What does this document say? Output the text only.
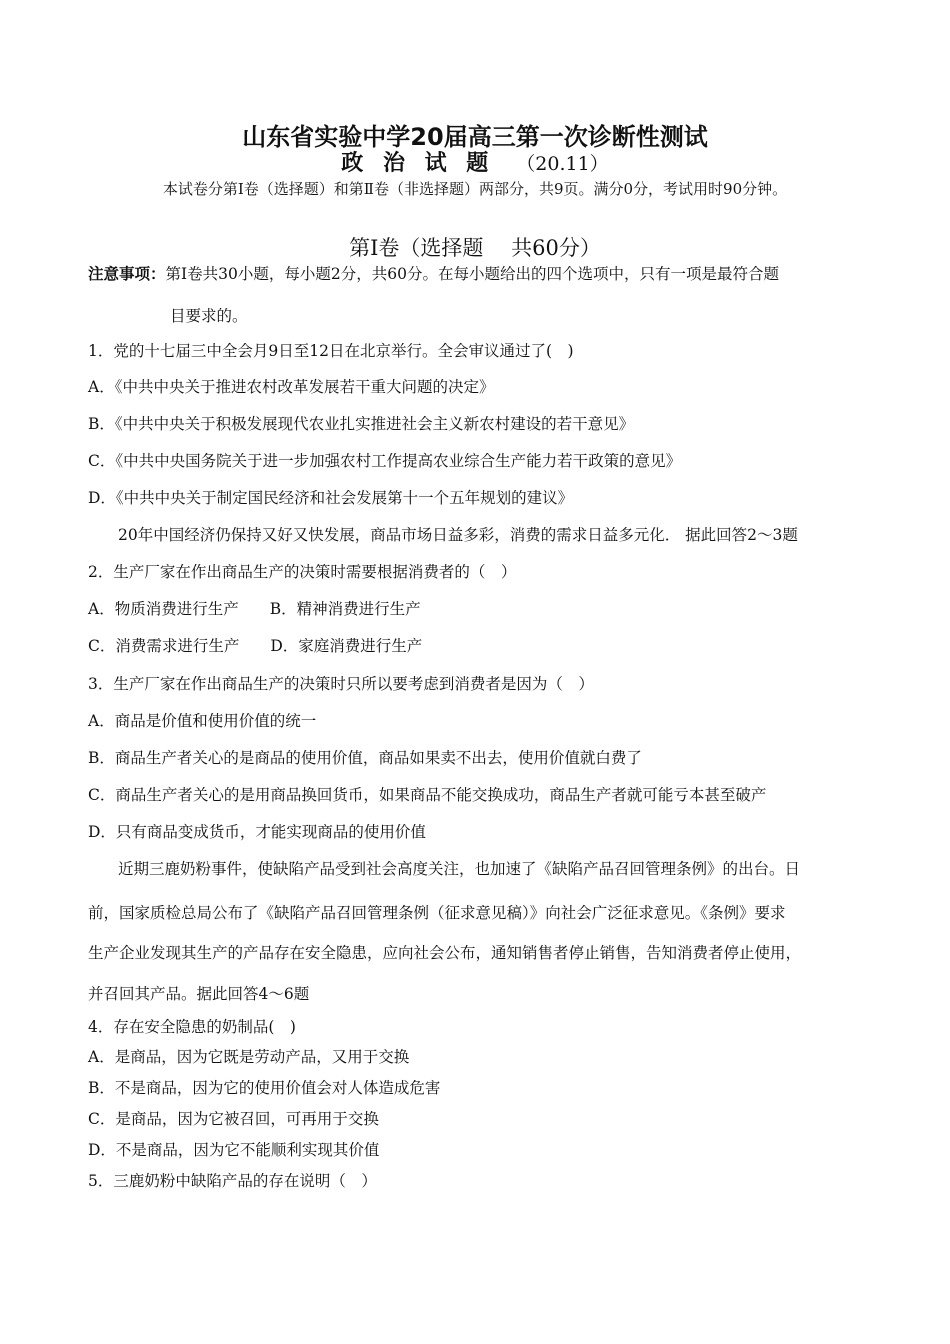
山东省实验中学20届高三第一次诊断性测试
政 治 试 题 （20.11）
本试卷分第Ⅰ卷（选择题）和第Ⅱ卷（非选择题）两部分，共9页。满分0分，考试用时90分钟。
第Ⅰ卷（选择题　 共60分）
注意事项：第Ⅰ卷共30小题，每小题2分，共60分。在每小题给出的四个选项中，只有一项是最符合题
目要求的。
1．党的十七届三中全会月9日至12日在北京举行。全会审议通过了(　)
A．《中共中央关于推进农村改革发展若干重大问题的决定》
B．《中共中央关于积极发展现代农业扎实推进社会主义新农村建设的若干意见》
C．《中共中央国务院关于进一步加强农村工作提高农业综合生产能力若干政策的意见》
D．《中共中央关于制定国民经济和社会发展第十一个五年规划的建议》
20年中国经济仍保持又好又快发展，商品市场日益多彩，消费的需求日益多元化． 据此回答2～3题
2．生产厂家在作出商品生产的决策时需要根据消费者的（　）
A．物质消费进行生产　　B．精神消费进行生产
C．消费需求进行生产　　D．家庭消费进行生产
3．生产厂家在作出商品生产的决策时只所以要考虑到消费者是因为（　）
A．商品是价值和使用价值的统一
B．商品生产者关心的是商品的使用价值，商品如果卖不出去，使用价值就白费了
C．商品生产者关心的是用商品换回货币，如果商品不能交换成功，商品生产者就可能亏本甚至破产
D．只有商品变成货币，才能实现商品的使用价值
近期三鹿奶粉事件，使缺陷产品受到社会高度关注，也加速了《缺陷产品召回管理条例》的出台。日
前，国家质检总局公布了《缺陷产品召回管理条例（征求意见稿）》向社会广泛征求意见。《条例》要求
生产企业发现其生产的产品存在安全隐患，应向社会公布，通知销售者停止销售，告知消费者停止使用，
并召回其产品。据此回答4～6题
4．存在安全隐患的奶制品(　)
A．是商品，因为它既是劳动产品，又用于交换
B．不是商品，因为它的使用价值会对人体造成危害
C．是商品，因为它被召回，可再用于交换
D．不是商品，因为它不能顺利实现其价值
5．三鹿奶粉中缺陷产品的存在说明（　）
